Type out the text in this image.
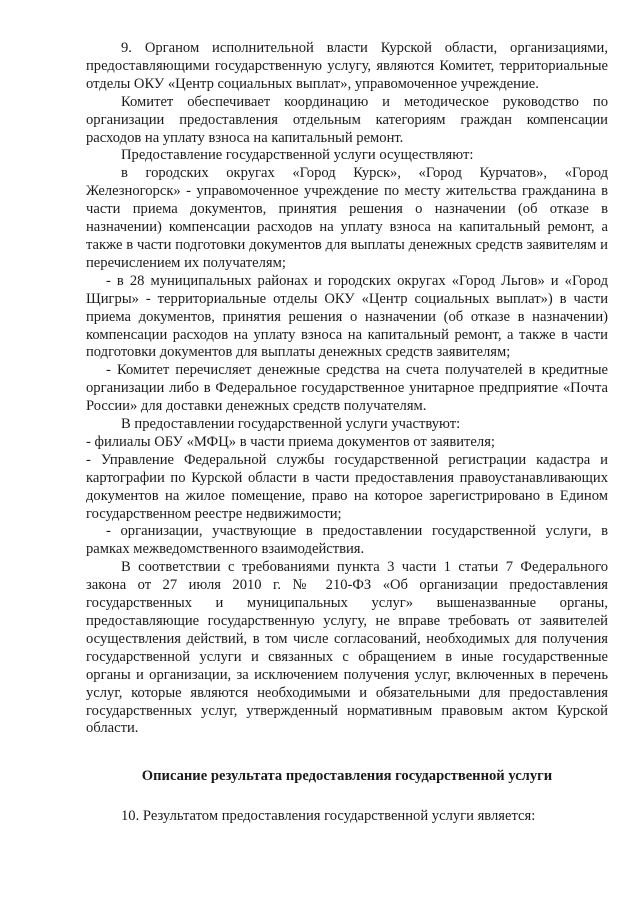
9. Органом исполнительной власти Курской области, организациями, предоставляющими государственную услугу, являются Комитет, территориальные отделы ОКУ «Центр социальных выплат», управомоченное учреждение.

Комитет обеспечивает координацию и методическое руководство по организации предоставления отдельным категориям граждан компенсации расходов на уплату взноса на капитальный ремонт.

Предоставление государственной услуги осуществляют:

в городских округах «Город Курск», «Город Курчатов», «Город Железногорск» - управомоченное учреждение по месту жительства гражданина в части приема документов, принятия решения о назначении (об отказе в назначении) компенсации расходов на уплату взноса на капитальный ремонт, а также в части подготовки документов для выплаты денежных средств заявителям и перечислением их получателям;

- в 28 муниципальных районах и городских округах «Город Льгов» и «Город Щигры» - территориальные отделы ОКУ «Центр социальных выплат») в части приема документов, принятия решения о назначении (об отказе в назначении) компенсации расходов на уплату взноса на капитальный ремонт, а также в части подготовки документов для выплаты денежных средств заявителям;

- Комитет перечисляет денежные средства на счета получателей в кредитные организации либо в Федеральное государственное унитарное предприятие «Почта России» для доставки денежных средств получателям.

В предоставлении государственной услуги участвуют:

- филиалы ОБУ «МФЦ» в части приема документов от заявителя;

- Управление Федеральной службы государственной регистрации кадастра и картографии по Курской области в части предоставления правоустанавливающих документов на жилое помещение, право на которое зарегистрировано в Едином государственном реестре недвижимости;

- организации, участвующие в предоставлении государственной услуги, в рамках межведомственного взаимодействия.

В соответствии с требованиями пункта 3 части 1 статьи 7 Федерального закона от 27 июля 2010 г. № 210-ФЗ «Об организации предоставления государственных и муниципальных услуг» вышеназванные органы, предоставляющие государственную услугу, не вправе требовать от заявителей осуществления действий, в том числе согласований, необходимых для получения государственной услуги и связанных с обращением в иные государственные органы и организации, за исключением получения услуг, включенных в перечень услуг, которые являются необходимыми и обязательными для предоставления государственных услуг, утвержденный нормативным правовым актом Курской области.

Описание результата предоставления государственной услуги

10. Результатом предоставления государственной услуги является:
